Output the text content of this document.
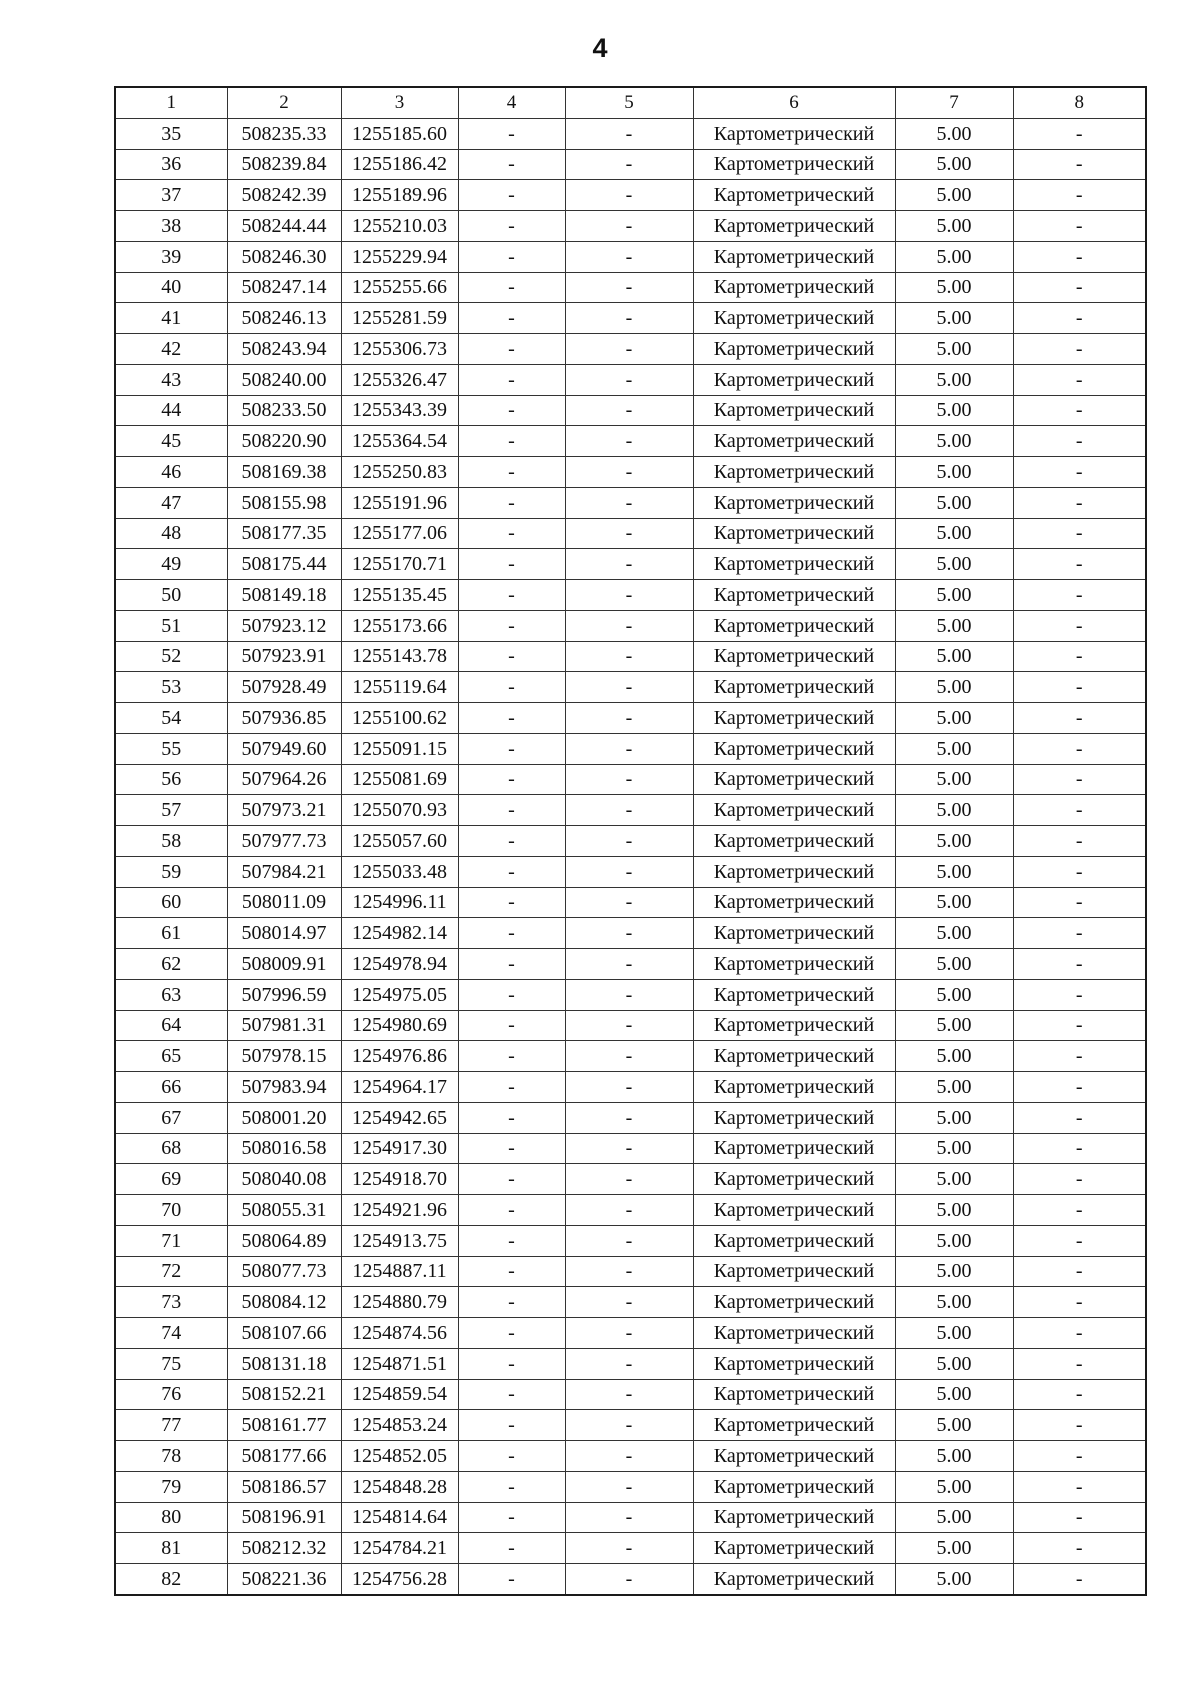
4
1	2	3	4	5	6	7	8
35	508235.33	1255185.60	-	-	Картометрический	5.00	-
36	508239.84	1255186.42	-	-	Картометрический	5.00	-
37	508242.39	1255189.96	-	-	Картометрический	5.00	-
38	508244.44	1255210.03	-	-	Картометрический	5.00	-
39	508246.30	1255229.94	-	-	Картометрический	5.00	-
40	508247.14	1255255.66	-	-	Картометрический	5.00	-
41	508246.13	1255281.59	-	-	Картометрический	5.00	-
42	508243.94	1255306.73	-	-	Картометрический	5.00	-
43	508240.00	1255326.47	-	-	Картометрический	5.00	-
44	508233.50	1255343.39	-	-	Картометрический	5.00	-
45	508220.90	1255364.54	-	-	Картометрический	5.00	-
46	508169.38	1255250.83	-	-	Картометрический	5.00	-
47	508155.98	1255191.96	-	-	Картометрический	5.00	-
48	508177.35	1255177.06	-	-	Картометрический	5.00	-
49	508175.44	1255170.71	-	-	Картометрический	5.00	-
50	508149.18	1255135.45	-	-	Картометрический	5.00	-
51	507923.12	1255173.66	-	-	Картометрический	5.00	-
52	507923.91	1255143.78	-	-	Картометрический	5.00	-
53	507928.49	1255119.64	-	-	Картометрический	5.00	-
54	507936.85	1255100.62	-	-	Картометрический	5.00	-
55	507949.60	1255091.15	-	-	Картометрический	5.00	-
56	507964.26	1255081.69	-	-	Картометрический	5.00	-
57	507973.21	1255070.93	-	-	Картометрический	5.00	-
58	507977.73	1255057.60	-	-	Картометрический	5.00	-
59	507984.21	1255033.48	-	-	Картометрический	5.00	-
60	508011.09	1254996.11	-	-	Картометрический	5.00	-
61	508014.97	1254982.14	-	-	Картометрический	5.00	-
62	508009.91	1254978.94	-	-	Картометрический	5.00	-
63	507996.59	1254975.05	-	-	Картометрический	5.00	-
64	507981.31	1254980.69	-	-	Картометрический	5.00	-
65	507978.15	1254976.86	-	-	Картометрический	5.00	-
66	507983.94	1254964.17	-	-	Картометрический	5.00	-
67	508001.20	1254942.65	-	-	Картометрический	5.00	-
68	508016.58	1254917.30	-	-	Картометрический	5.00	-
69	508040.08	1254918.70	-	-	Картометрический	5.00	-
70	508055.31	1254921.96	-	-	Картометрический	5.00	-
71	508064.89	1254913.75	-	-	Картометрический	5.00	-
72	508077.73	1254887.11	-	-	Картометрический	5.00	-
73	508084.12	1254880.79	-	-	Картометрический	5.00	-
74	508107.66	1254874.56	-	-	Картометрический	5.00	-
75	508131.18	1254871.51	-	-	Картометрический	5.00	-
76	508152.21	1254859.54	-	-	Картометрический	5.00	-
77	508161.77	1254853.24	-	-	Картометрический	5.00	-
78	508177.66	1254852.05	-	-	Картометрический	5.00	-
79	508186.57	1254848.28	-	-	Картометрический	5.00	-
80	508196.91	1254814.64	-	-	Картометрический	5.00	-
81	508212.32	1254784.21	-	-	Картометрический	5.00	-
82	508221.36	1254756.28	-	-	Картометрический	5.00	-
